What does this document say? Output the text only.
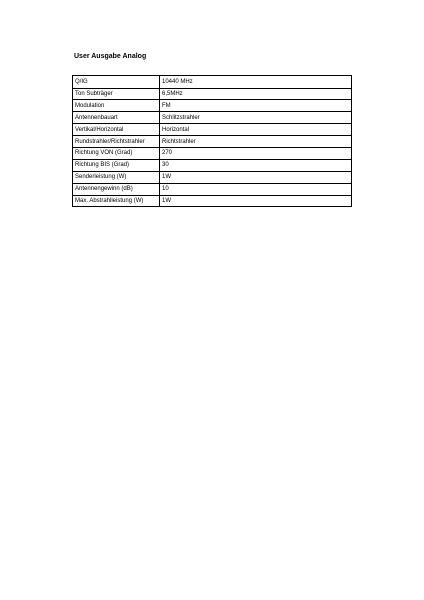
User Ausgabe Analog
Q/IG	10440 MHz
Ton Subträger	6,5MHz
Modulation	FM
Antennenbauart	Schlitzstrahler
Vertikal/Horizontal	Horizontal
Rundstrahler/Richtstrahler	Richtstrahler
Richtung VON (Grad)	270
Richtung BIS (Grad)	30
Senderleistung (W)	1W
Antennengewinn (dB)	10
Max. Abstrahlleistung (W)	1W
